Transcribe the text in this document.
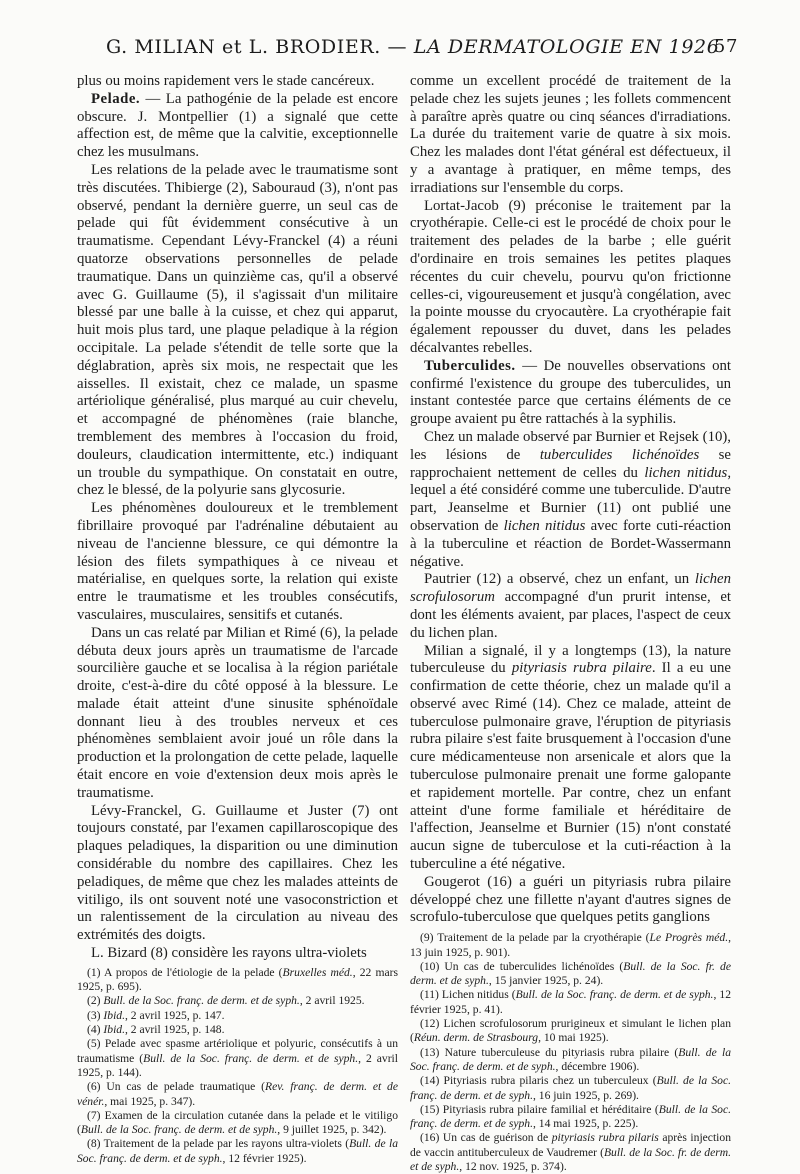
G. MILIAN et L. BRODIER. — LA DERMATOLOGIE EN 1926
57

plus ou moins rapidement vers le stade cancéreux.

Pelade. — La pathogénie de la pelade est encore obscure. J. Montpellier (1) a signalé que cette affection est, de même que la calvitie, exceptionnelle chez les musulmans.

Les relations de la pelade avec le traumatisme sont très discutées. Thibierge (2), Sabouraud (3), n'ont pas observé, pendant la dernière guerre, un seul cas de pelade qui fût évidemment consécutive à un traumatisme. Cependant Lévy-Franckel (4) a réuni quatorze observations personnelles de pelade traumatique. Dans un quinzième cas, qu'il a observé avec G. Guillaume (5), il s'agissait d'un militaire blessé par une balle à la cuisse, et chez qui apparut, huit mois plus tard, une plaque peladique à la région occipitale. La pelade s'étendit de telle sorte que la déglabration, après six mois, ne respectait que les aisselles. Il existait, chez ce malade, un spasme artériolique généralisé, plus marqué au cuir chevelu, et accompagné de phénomènes (raie blanche, tremblement des membres à l'occasion du froid, douleurs, claudication intermittente, etc.) indiquant un trouble du sympathique. On constatait en outre, chez le blessé, de la polyurie sans glycosurie.

Les phénomènes douloureux et le tremblement fibrillaire provoqué par l'adrénaline débutaient au niveau de l'ancienne blessure, ce qui démontre la lésion des filets sympathiques à ce niveau et matérialise, en quelques sorte, la relation qui existe entre le traumatisme et les troubles consécutifs, vasculaires, musculaires, sensitifs et cutanés.

Dans un cas relaté par Milian et Rimé (6), la pelade débuta deux jours après un traumatisme de l'arcade sourcilière gauche et se localisa à la région pariétale droite, c'est-à-dire du côté opposé à la blessure. Le malade était atteint d'une sinusite sphénoïdale donnant lieu à des troubles nerveux et ces phénomènes semblaient avoir joué un rôle dans la production et la prolongation de cette pelade, laquelle était encore en voie d'extension deux mois après le traumatisme.

Lévy-Franckel, G. Guillaume et Juster (7) ont toujours constaté, par l'examen capillaroscopique des plaques peladiques, la disparition ou une diminution considérable du nombre des capillaires. Chez les peladiques, de même que chez les malades atteints de vitiligo, ils ont souvent noté une vasoconstriction et un ralentissement de la circulation au niveau des extrémités des doigts.

L. Bizard (8) considère les rayons ultra-violets

(1) A propos de l'étiologie de la pelade (Bruxelles méd., 22 mars 1925, p. 695).

(2) Bull. de la Soc. franç. de derm. et de syph., 2 avril 1925.

(3) Ibid., 2 avril 1925, p. 147.

(4) Ibid., 2 avril 1925, p. 148.

(5) Pelade avec spasme artériolique et polyuric, consécutifs à un traumatisme (Bull. de la Soc. franç. de derm. et de syph., 2 avril 1925, p. 144).

(6) Un cas de pelade traumatique (Rev. franç. de derm. et de vénér., mai 1925, p. 347).

(7) Examen de la circulation cutanée dans la pelade et le vitiligo (Bull. de la Soc. franç. de derm. et de syph., 9 juillet 1925, p. 342).

(8) Traitement de la pelade par les rayons ultra-violets (Bull. de la Soc. franç. de derm. et de syph., 12 février 1925).

comme un excellent procédé de traitement de la pelade chez les sujets jeunes ; les follets commencent à paraître après quatre ou cinq séances d'irradiations. La durée du traitement varie de quatre à six mois. Chez les malades dont l'état général est défectueux, il y a avantage à pratiquer, en même temps, des irradiations sur l'ensemble du corps.

Lortat-Jacob (9) préconise le traitement par la cryothérapie. Celle-ci est le procédé de choix pour le traitement des pelades de la barbe ; elle guérit d'ordinaire en trois semaines les petites plaques récentes du cuir chevelu, pourvu qu'on frictionne celles-ci, vigoureusement et jusqu'à congélation, avec la pointe mousse du cryocautère. La cryothérapie fait également repousser du duvet, dans les pelades décalvantes rebelles.

Tuberculides. — De nouvelles observations ont confirmé l'existence du groupe des tuberculides, un instant contestée parce que certains éléments de ce groupe avaient pu être rattachés à la syphilis.

Chez un malade observé par Burnier et Rejsek (10), les lésions de tuberculides lichénoïdes se rapprochaient nettement de celles du lichen nitidus, lequel a été considéré comme une tuberculide. D'autre part, Jeanselme et Burnier (11) ont publié une observation de lichen nitidus avec forte cuti-réaction à la tuberculine et réaction de Bordet-Wassermann négative.

Pautrier (12) a observé, chez un enfant, un lichen scrofulosorum accompagné d'un prurit intense, et dont les éléments avaient, par places, l'aspect de ceux du lichen plan.

Milian a signalé, il y a longtemps (13), la nature tuberculeuse du pityriasis rubra pilaire. Il a eu une confirmation de cette théorie, chez un malade qu'il a observé avec Rimé (14). Chez ce malade, atteint de tuberculose pulmonaire grave, l'éruption de pityriasis rubra pilaire s'est faite brusquement à l'occasion d'une cure médicamenteuse non arsenicale et alors que la tuberculose pulmonaire prenait une forme galopante et rapidement mortelle. Par contre, chez un enfant atteint d'une forme familiale et héréditaire de l'affection, Jeanselme et Burnier (15) n'ont constaté aucun signe de tuberculose et la cuti-réaction à la tuberculine a été négative.

Gougerot (16) a guéri un pityriasis rubra pilaire développé chez une fillette n'ayant d'autres signes de scrofulo-tuberculose que quelques petits ganglions

(9) Traitement de la pelade par la cryothérapie (Le Progrès méd., 13 juin 1925, p. 901).

(10) Un cas de tuberculides lichénoïdes (Bull. de la Soc. fr. de derm. et de syph., 15 janvier 1925, p. 24).

(11) Lichen nitidus (Bull. de la Soc. franç. de derm. et de syph., 12 février 1925, p. 41).

(12) Lichen scrofulosorum prurigineux et simulant le lichen plan (Réun. derm. de Strasbourg, 10 mai 1925).

(13) Nature tuberculeuse du pityriasis rubra pilaire (Bull. de la Soc. franç. de derm. et de syph., décembre 1906).

(14) Pityriasis rubra pilaris chez un tuberculeux (Bull. de la Soc. franç. de derm. et de syph., 16 juin 1925, p. 269).

(15) Pityriasis rubra pilaire familial et héréditaire (Bull. de la Soc. franç. de derm. et de syph., 14 mai 1925, p. 225).

(16) Un cas de guérison de pityriasis rubra pilaris après injection de vaccin antituberculeux de Vaudremer (Bull. de la Soc. fr. de derm. et de syph., 12 nov. 1925, p. 374).
